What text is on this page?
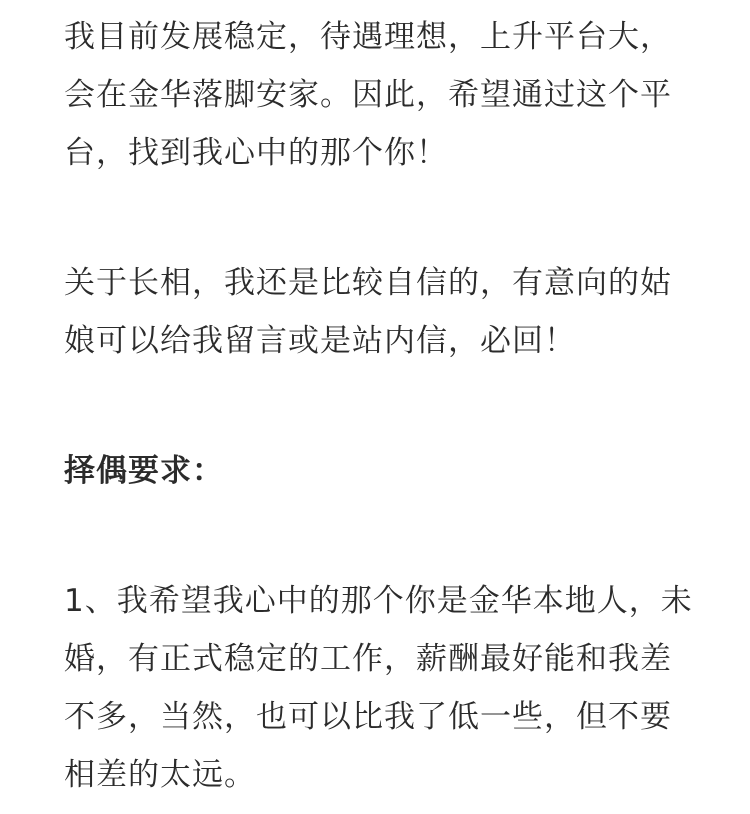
我目前发展稳定，待遇理想，上升平台大，
会在金华落脚安家。因此，希望通过这个平
台，找到我心中的那个你！

关于长相，我还是比较自信的，有意向的姑
娘可以给我留言或是站内信，必回！

择偶要求：

1、我希望我心中的那个你是金华本地人，未
婚，有正式稳定的工作，薪酬最好能和我差
不多，当然，也可以比我了低一些，但不要
相差的太远。
